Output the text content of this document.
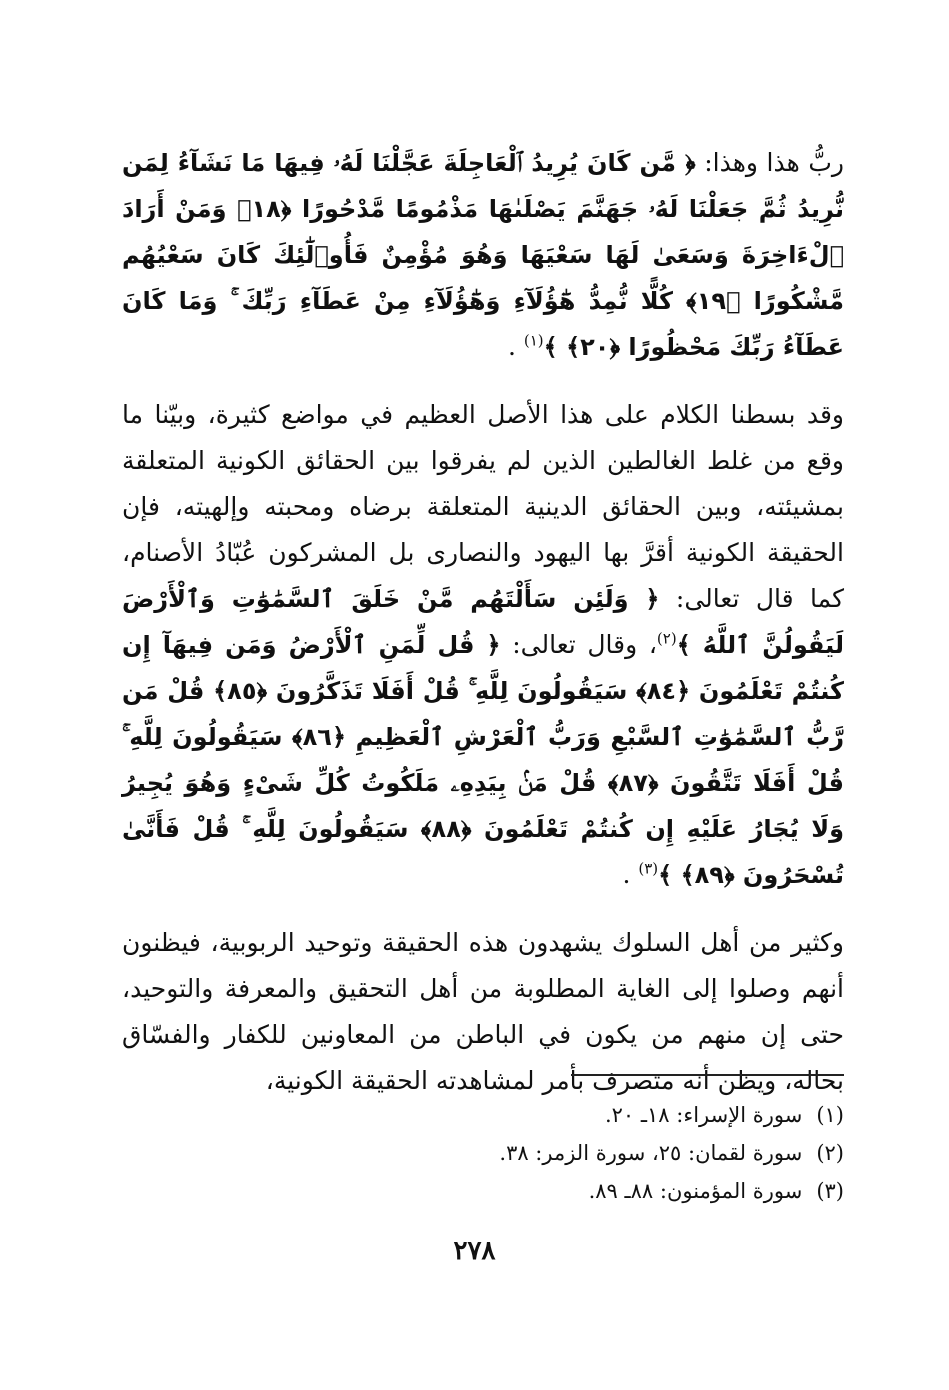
ربُّ هذا وهذا: ﴿ مَّن كَانَ يُرِيدُ ٱلْعَاجِلَةَ عَجَّلْنَا لَهُۥ فِيهَا مَا نَشَآءُ لِمَن نُّرِيدُ ثُمَّ جَعَلْنَا لَهُۥ جَهَنَّمَ يَصْلَىٰهَا مَذْمُومًا مَّدْحُورًا ﴿١٨﴾ وَمَنْ أَرَادَ ٱلْءَاخِرَةَ وَسَعَىٰ لَهَا سَعْيَهَا وَهُوَ مُؤْمِنٌ فَأُو۟لَٰٓئِكَ كَانَ سَعْيُهُم مَّشْكُورًا ﴿١٩﴾ كُلًّا نُّمِدُّ هَٰٓؤُلَآءِ وَهَٰٓؤُلَآءِ مِنْ عَطَآءِ رَبِّكَ ۚ وَمَا كَانَ عَطَآءُ رَبِّكَ مَحْظُورًا ﴿٢٠﴾ ﴾$^{(١)}$ .

وقد بسطنا الكلام على هذا الأصل العظيم في مواضع كثيرة، وبيّنا ما وقع من غلط الغالطين الذين لم يفرقوا بين الحقائق الكونية المتعلقة بمشيئته، وبين الحقائق الدينية المتعلقة برضاه ومحبته وإلهيته، فإن الحقيقة الكونية أقرَّ بها اليهود والنصارى بل المشركون عُبّادُ الأصنام، كما قال تعالى: ﴿ وَلَئِن سَأَلْتَهُم مَّنْ خَلَقَ ٱلسَّمَٰوَٰتِ وَٱلْأَرْضَ لَيَقُولُنَّ ٱللَّهُ ﴾$^{(٢)}$، وقال تعالى: ﴿ قُل لِّمَنِ ٱلْأَرْضُ وَمَن فِيهَآ إِن كُنتُمْ تَعْلَمُونَ ﴿٨٤﴾ سَيَقُولُونَ لِلَّهِ ۚ قُلْ أَفَلَا تَذَكَّرُونَ ﴿٨٥﴾ قُلْ مَن رَّبُّ ٱلسَّمَٰوَٰتِ ٱلسَّبْعِ وَرَبُّ ٱلْعَرْشِ ٱلْعَظِيمِ ﴿٨٦﴾ سَيَقُولُونَ لِلَّهِ ۚ قُلْ أَفَلَا تَتَّقُونَ ﴿٨٧﴾ قُلْ مَنۢ بِيَدِهِۦ مَلَكُوتُ كُلِّ شَىْءٍ وَهُوَ يُجِيرُ وَلَا يُجَارُ عَلَيْهِ إِن كُنتُمْ تَعْلَمُونَ ﴿٨٨﴾ سَيَقُولُونَ لِلَّهِ ۚ قُلْ فَأَنَّىٰ تُسْحَرُونَ ﴿٨٩﴾ ﴾$^{(٣)}$ .

وكثير من أهل السلوك يشهدون هذه الحقيقة وتوحيد الربوبية، فيظنون أنهم وصلوا إلى الغاية المطلوبة من أهل التحقيق والمعرفة والتوحيد، حتى إن منهم من يكون في الباطن من المعاونين للكفار والفسّاق بحاله، ويظن أنه متصرف بأمر لمشاهدته الحقيقة الكونية،

(١)سورة الإسراء: ١٨ـ ٢٠.
(٢)سورة لقمان: ٢٥، سورة الزمر: ٣٨.
(٣)سورة المؤمنون: ٨٨ـ ٨٩.
٢٧٨
